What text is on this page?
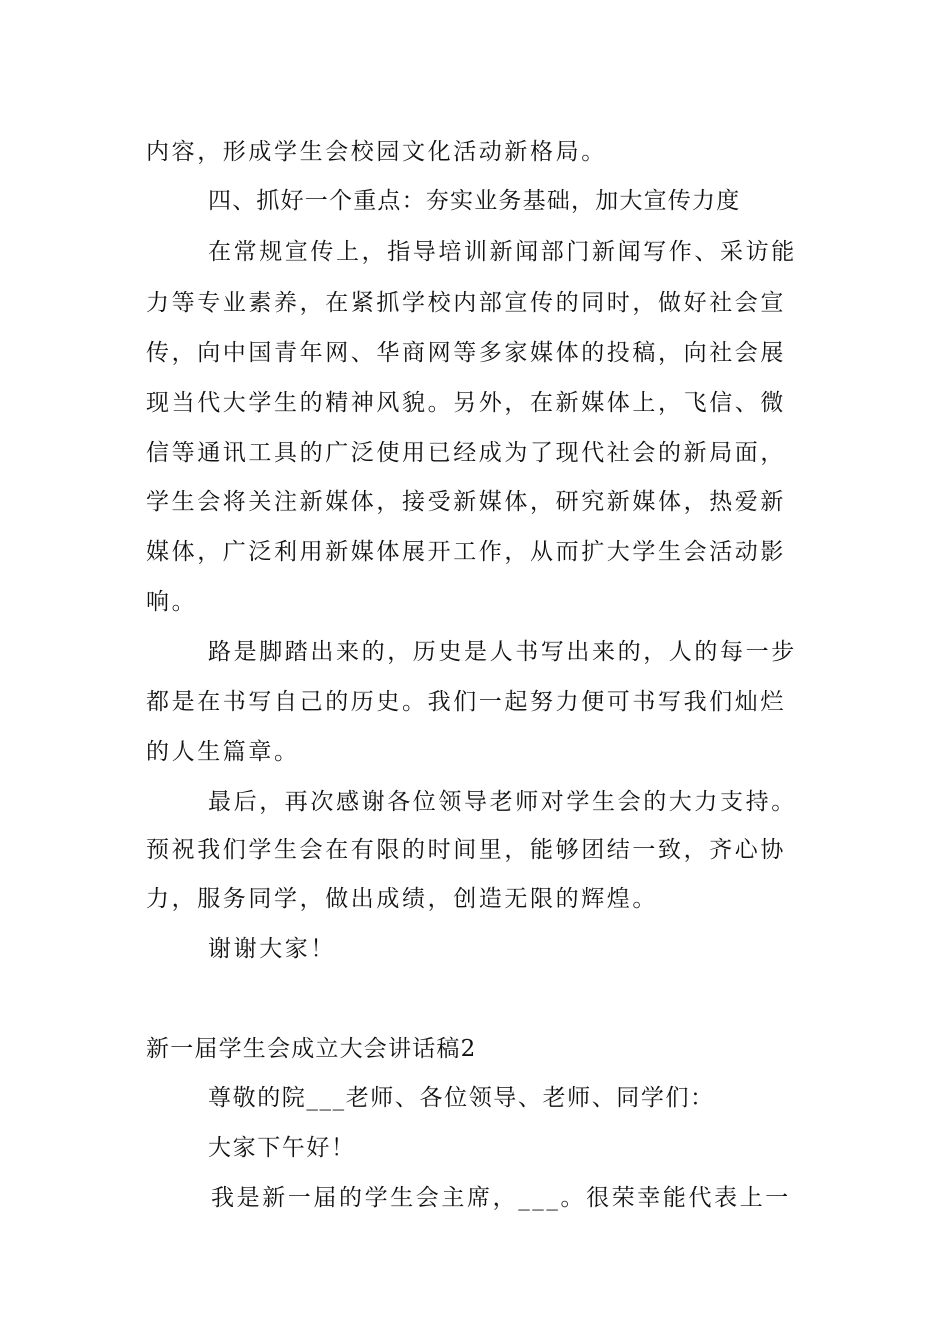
内容，形成学生会校园文化活动新格局。
四、抓好一个重点：夯实业务基础，加大宣传力度
在常规宣传上，指导培训新闻部门新闻写作、采访能
力等专业素养，在紧抓学校内部宣传的同时，做好社会宣
传，向中国青年网、华商网等多家媒体的投稿，向社会展
现当代大学生的精神风貌。另外，在新媒体上，飞信、微
信等通讯工具的广泛使用已经成为了现代社会的新局面，
学生会将关注新媒体，接受新媒体，研究新媒体，热爱新
媒体，广泛利用新媒体展开工作，从而扩大学生会活动影
响。
路是脚踏出来的，历史是人书写出来的，人的每一步
都是在书写自己的历史。我们一起努力便可书写我们灿烂
的人生篇章。
最后，再次感谢各位领导老师对学生会的大力支持。
预祝我们学生会在有限的时间里，能够团结一致，齐心协
力，服务同学，做出成绩，创造无限的辉煌。
谢谢大家！
新一届学生会成立大会讲话稿2
尊敬的院___老师、各位领导、老师、同学们：
大家下午好！
我是新一届的学生会主席，___。很荣幸能代表上一
